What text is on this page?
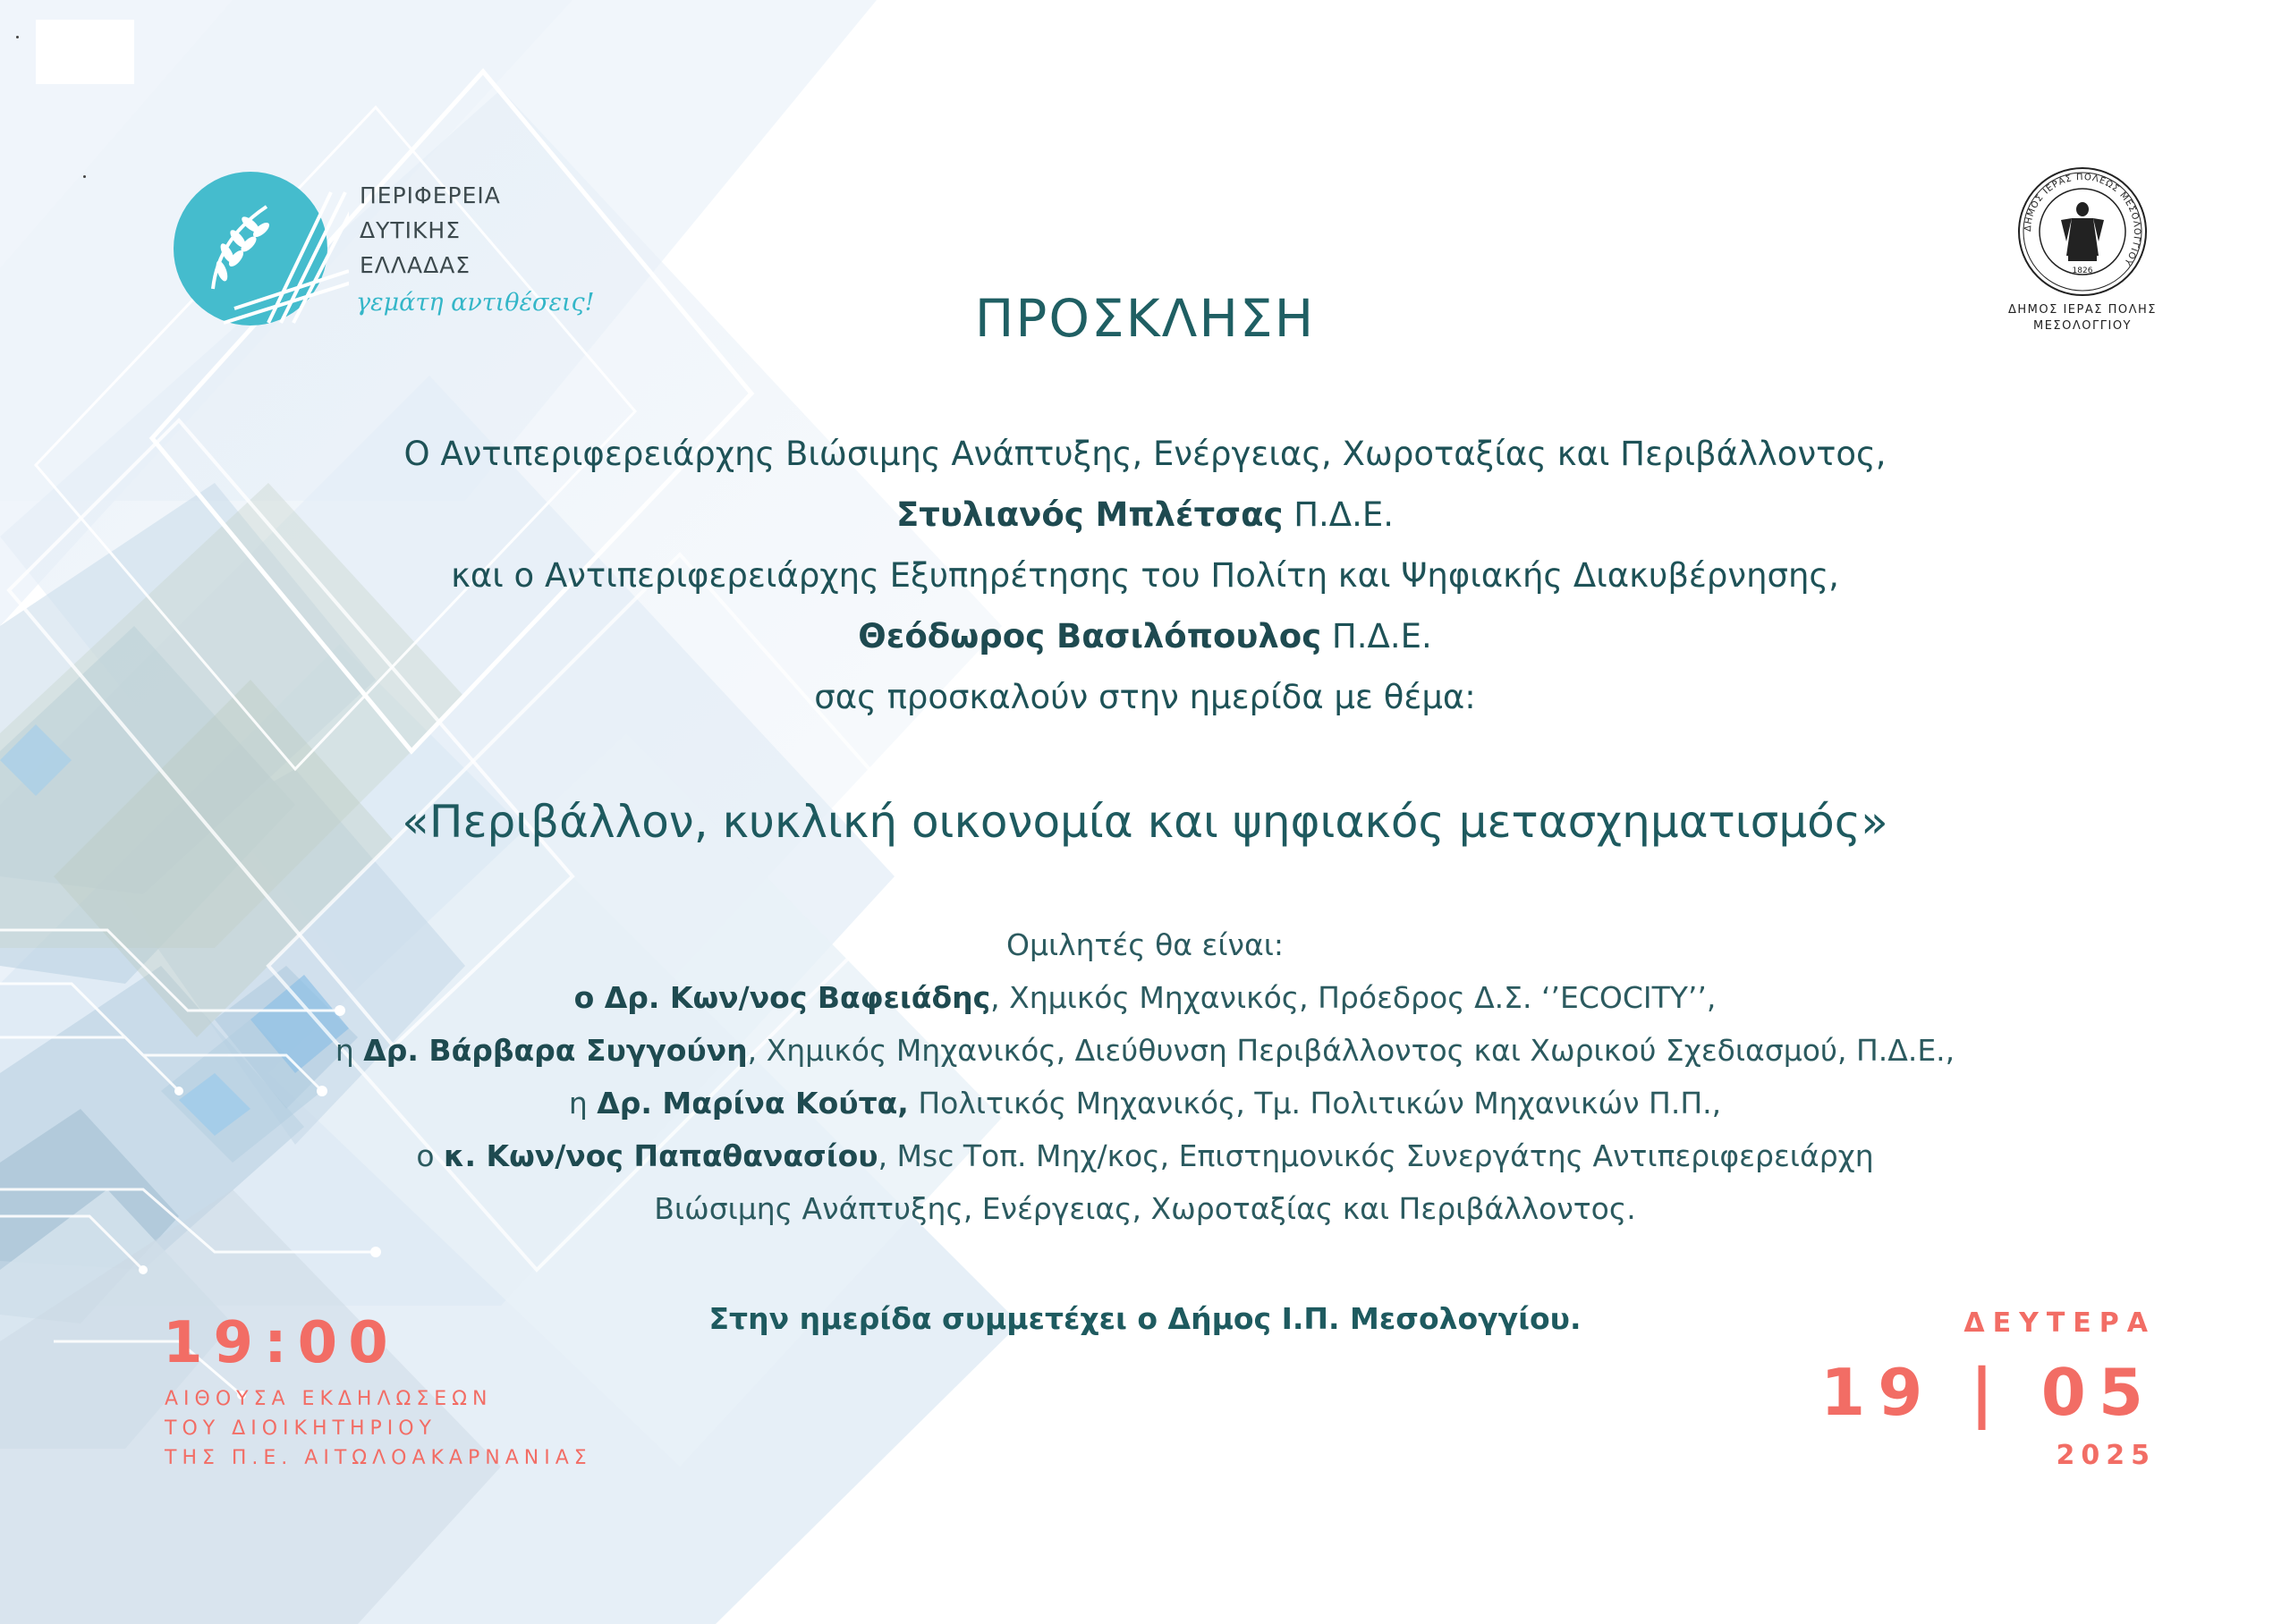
ΠΕΡΙΦΕΡΕΙΑ
ΔΥΤΙΚΗΣ
ΕΛΛΑΔΑΣ
γεμάτη αντιθέσεις!
ΔΗΜΟΣ ΙΕΡΑΣ ΠΟΛΕΩΣ ΜΕΣΟΛΟΓΓΙΟΥ
1826
ΔΗΜΟΣ ΙΕΡΑΣ ΠΟΛΗΣ
ΜΕΣΟΛΟΓΓΙΟΥ
ΠΡΟΣΚΛΗΣΗ
Ο Αντιπεριφερειάρχης Βιώσιμης Ανάπτυξης, Ενέργειας, Χωροταξίας και Περιβάλλοντος,
Στυλιανός Μπλέτσας Π.Δ.Ε.
και ο Αντιπεριφερειάρχης Εξυπηρέτησης του Πολίτη και Ψηφιακής Διακυβέρνησης,
Θεόδωρος Βασιλόπουλος Π.Δ.Ε.
σας προσκαλούν στην ημερίδα με θέμα:
«Περιβάλλον, κυκλική οικονομία και ψηφιακός μετασχηματισμός»
Ομιλητές θα είναι:
ο Δρ. Κων/νος Βαφειάδης, Χημικός Μηχανικός, Πρόεδρος Δ.Σ. ‘’ECOCITY’’,
η Δρ. Βάρβαρα Συγγούνη, Χημικός Μηχανικός, Διεύθυνση Περιβάλλοντος και Χωρικού Σχεδιασμού, Π.Δ.Ε.,
η Δρ. Μαρίνα Κούτα, Πολιτικός Μηχανικός, Τμ. Πολιτικών Μηχανικών Π.Π.,
ο κ. Κων/νος Παπαθανασίου, Msc Τοπ. Μηχ/κος, Επιστημονικός Συνεργάτης Αντιπεριφερειάρχη
Βιώσιμης Ανάπτυξης, Ενέργειας, Χωροταξίας και Περιβάλλοντος.
Στην ημερίδα συμμετέχει ο Δήμος Ι.Π. Μεσολογγίου.
19:00
ΑΙΘΟΥΣΑ ΕΚΔΗΛΩΣΕΩΝ
ΤΟΥ ΔΙΟΙΚΗΤΗΡΙΟΥ
ΤΗΣ Π.Ε. ΑΙΤΩΛΟΑΚΑΡΝΑΝΙΑΣ
ΔΕΥΤΕΡΑ
19 | 05
2025
